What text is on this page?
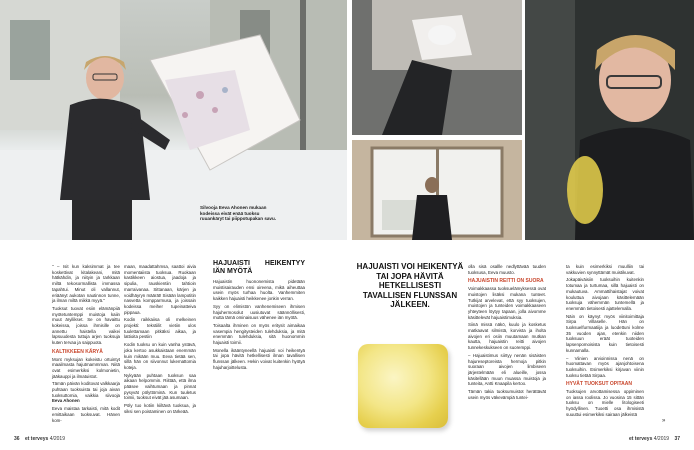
Silvooja Eeva Ahonen mukaan kodeissa eivät enää tuoksu ruuankäryt tai piippotupakan savu.

" – Isit kun kaksimmat ja tee koskettivat kitalakeani, mitä hätkähdin, ja niityin ja tarkkaan miltä tekosormallista immassa tapahtui. Minut oli vallannut, eriäänyt aukotan nautinnon tunne, ja ilman miltä mikkä myyä."

Tuoksut tuovat esiin elämänpiiä myötetuntemppi muistoja kaiin muut äryilikset. Se on havaittu kokeissa, joissa ihmisille on annettu haistella vaikei lapsuudesta tuttuja arjen tuoksuja kuten tervaa ja saippuota.

KALTIKKEEN KÄRYÄ

Mont myksujan kokeistu ortuintyt maailmasta hajutmammman. Niitä ovat esimerkiksi kolmonietin, jääkauppi ja ilmatuistot.

Tämän päivän koditovat valkkaarja puhtaan tuoksuista tai joja aivan tuoksuttomia, vaikkia siivooja Eeva Ahonen

Eeva maistaa tarkaisti, mitä kodit emittaikaan tuoksuvat. Hänen kom-

maan, maadattahmsa, saattoi aivia momentaiista tuoksua. Ruokaan kastikkeen aiostua, jaadoja ja sipulia, rauskientiin tahtioin marraivanaa. Sittanaan, kärjen ja voidhäyryn määrät! Sisään lampotitin nasvetta kompparmusa, ja joissain kodeissa meiher tupeinatteiva pippaua.

Kodin raikkaiisa oli melkeinen projekti: tekstiilit vietiin ulos tuulettamaan pitkäksi aikaa, ja lattioita pestiin

Kodin tuoksu on kuin vanha ystävä, joka kertoo asukkaistaan enemmän kuin mikään muu. Eeva tietää sen, sillä hän on siivonnut lukemattomia koteja.

Nykyään puhtaan tuoksun saa aikaan helpommin. Riittää, että ilma pääsee vaihtumaan ja pinnat pysyvät pölyttöminä. Kun tuuletus toimii, tuoksut eivät jää asumaan.

Pöly tuo kotiin kiiltävä tuoksua, ja siksi sen poistaminen on tärkeää.

HAJUAISTI HEIKENTYY IÄN MYÖTÄ

Hajuaistin huononemista pidetään muistisairauden ensi oireena, mikä aiheuttaa usein myös turhaa huolta. Vanhemmiten kaikken hajuaisti heikkenee jonkin verran.

Syy on elimistön vanhenemiseen ihmisen hajuhermosolut uusiutuvat säännöllisesti, mutta tämä ominaisuus vähenee iän myötä.

Toisaalta ihminen on myös eritysit aimaikaa vasempia hengitysteiden tulehduksia, ja mitä enemmän tulehduksia, sitä huonommin hajuaisti toimii.

Monella ikääntyneellä hajuaisti voi heikentyä tai jopa hävitä hetkellisesti ilman tavallisen flunssan jälkeen. Hekin voivat kuitenkin hyötyä hajuharjoittelusta.

HAJUAISTI VOI HEIKENTYÄ TAI JOPA HÄVITÄ HETKELLISESTI TAVALLISEN FLUNSSAN JÄLKEEN.

olla sisä osallle nedlyttävää tuuden tuoksusa, Eeva muusto.

HAJUAISTIN REITTI ON SUORA

Voimakkaassa tuoksuelämyksessä ovat muistojen lisäksi mukana tunteet. Tutkijat arvelevat, että syy tuoksujen, muistojen ja tunteiden voimakkaaseen yhteyteen löytyy tapaan, jolla aivomme käsittelevät hajuaistimuksia.

Siinä missä näkö, kuulo ja kosketus matkaavat silmistä, korvista ja iholta aivojen eri osiin muutamaan mutkan kautta, hajuaistin reitti aivojen tunnekeskukseen on suoremppi.

– Hajuaistimus siirtyy nenän sisäisten hajureseptoreista hermoja pitkin suoraan aivojen limbiseen järjestelmään eli alueille, jossa käsitellään muun muassa muistoja ja tunteita, Antti Knaapila kertoo.

Tämän takia tuoksumuistot herättävät usein myös väkevämpiä tuntei-

ta kuin esimerkiksi muulliin tai vakkuvien synnyttämät muistikuvat.

Jokapäiväisiin tuoksuihin kuitenkin totumaa ja turtumaa, sillä hajuaisti on mukautuva. Ammattihaistajat voivat kouluttua aivojaan käsittelemään tuoksuja vähemmän tuntemellä ja enemmän tietoisesti ajattelemalla.

Näin on käynyt myös viinitoimittaja Sirpa Villaselle. Hän on tuoksuelfurmaatiija ja luodettuni kolme 35 vuoden ajan, etenkin niiden tuoksuun eräät tuoteiden lapsenpomoisista kuin tietoisesti kunnamalla.

– Viinien arvioinnissa nenä on huomattavan myös ajanjohtoisena tuoksuihin. Esimerkiksi kirjavan viinin tuoksu tietää Sirpaa.

HYVÄT TUOKSUT OPITAAN

Tuoksujen arvottamisessa oppiminen on iassa roolissa. Jo vuosina 15 sittän tuoksu on mielle litologiseeti hyödyllinen. Tuoetti osa ihmisistä suuuttui esimerkiksi sairaan jälkeistä

»
36 et terveys 4/2019	et terveys 4/2019 37
